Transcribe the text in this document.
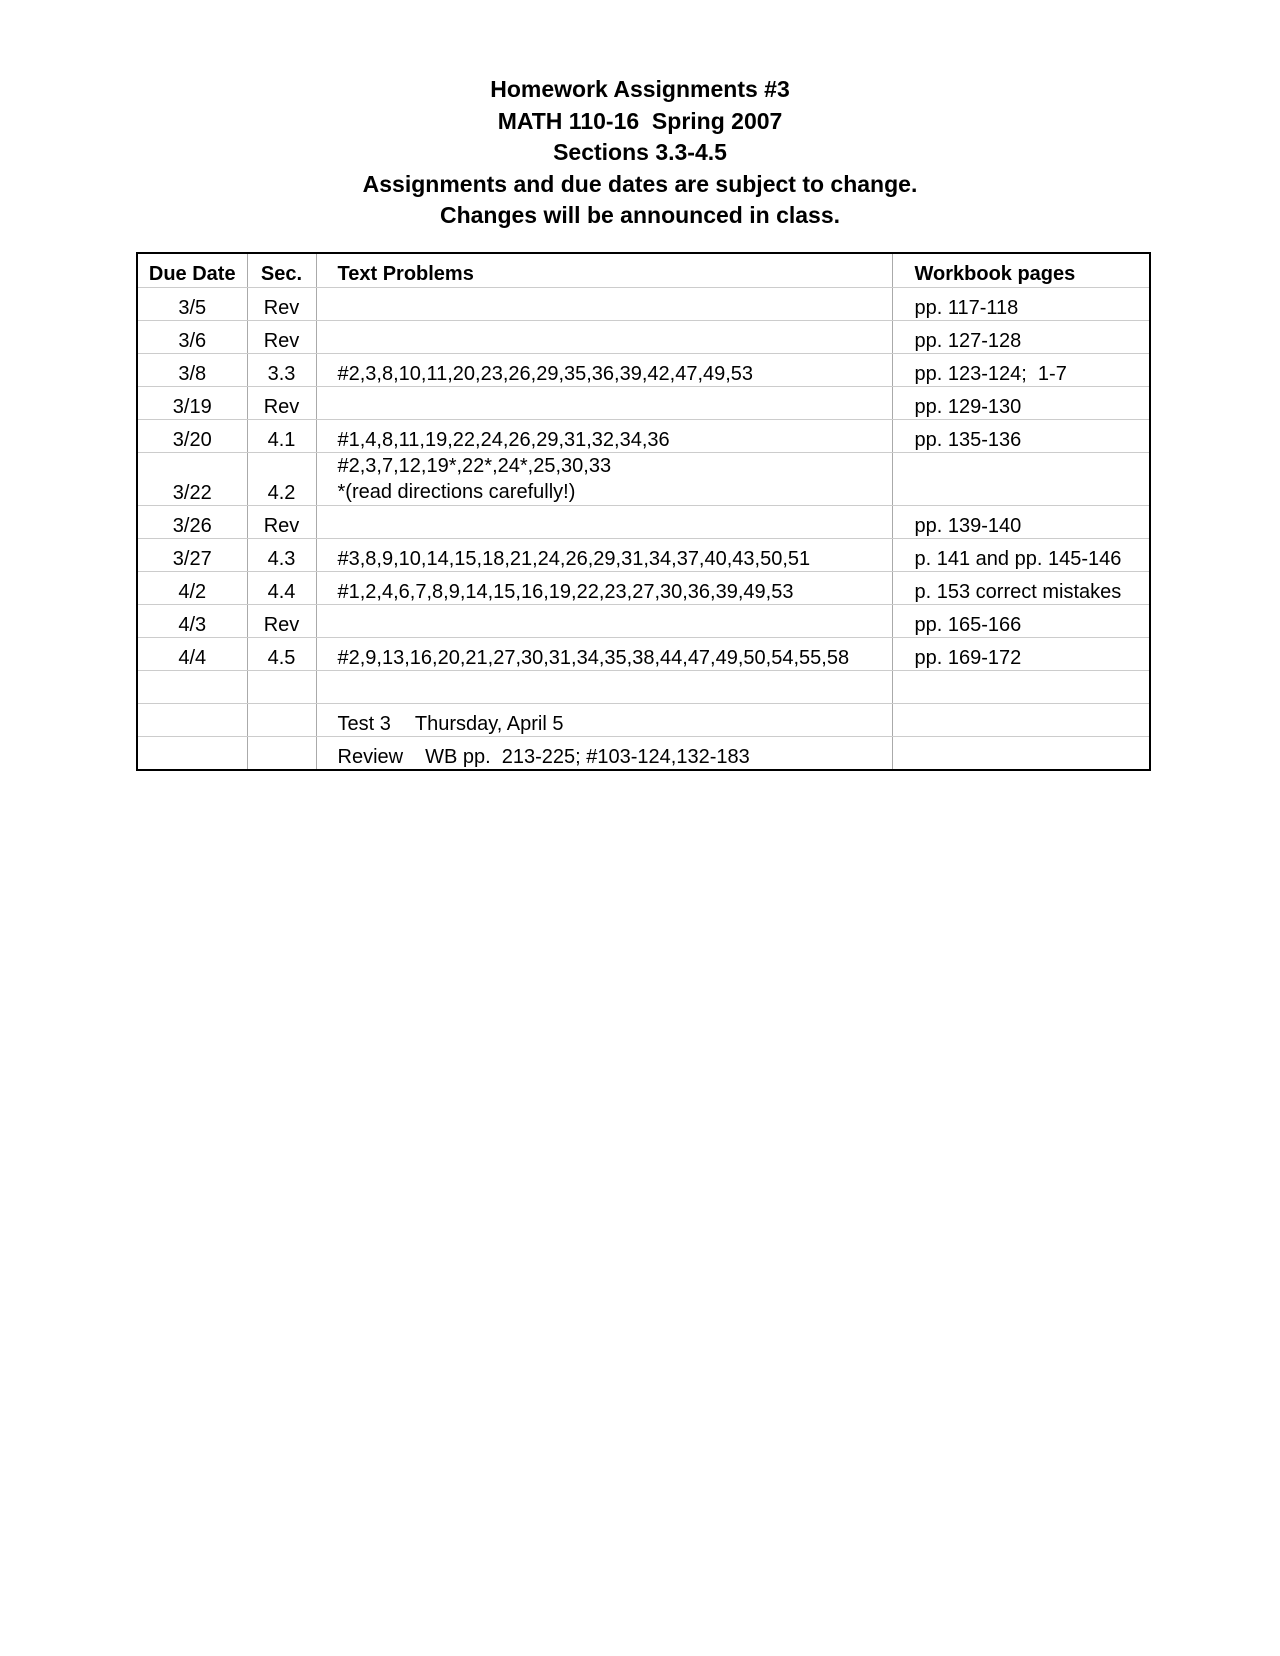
Homework Assignments #3
MATH 110-16  Spring 2007
Sections 3.3-4.5
Assignments and due dates are subject to change.
Changes will be announced in class.
Due Date	Sec.	Text Problems	Workbook pages
3/5	Rev		pp. 117-118
3/6	Rev		pp. 127-128
3/8	3.3	#2,3,8,10,11,20,23,26,29,35,36,39,42,47,49,53	pp. 123-124;  1-7
3/19	Rev		pp. 129-130
3/20	4.1	#1,4,8,11,19,22,24,26,29,31,32,34,36	pp. 135-136
3/22	4.2	#2,3,7,12,19*,22*,24*,25,30,33
*(read directions carefully!)	

3/26	Rev		pp. 139-140
3/27	4.3	#3,8,9,10,14,15,18,21,24,26,29,31,34,37,40,43,50,51	p. 141 and pp. 145-146
4/2	4.4	#1,2,4,6,7,8,9,14,15,16,19,22,23,27,30,36,39,49,53	p. 153 correct mistakes
4/3	Rev		pp. 165-166
4/4	4.5	#2,9,13,16,20,21,27,30,31,34,35,38,44,47,49,50,54,55,58	pp. 169-172

		Test 3 Thursday, April 5	
		Review WB pp.  213-225; #103-124,132-183	
